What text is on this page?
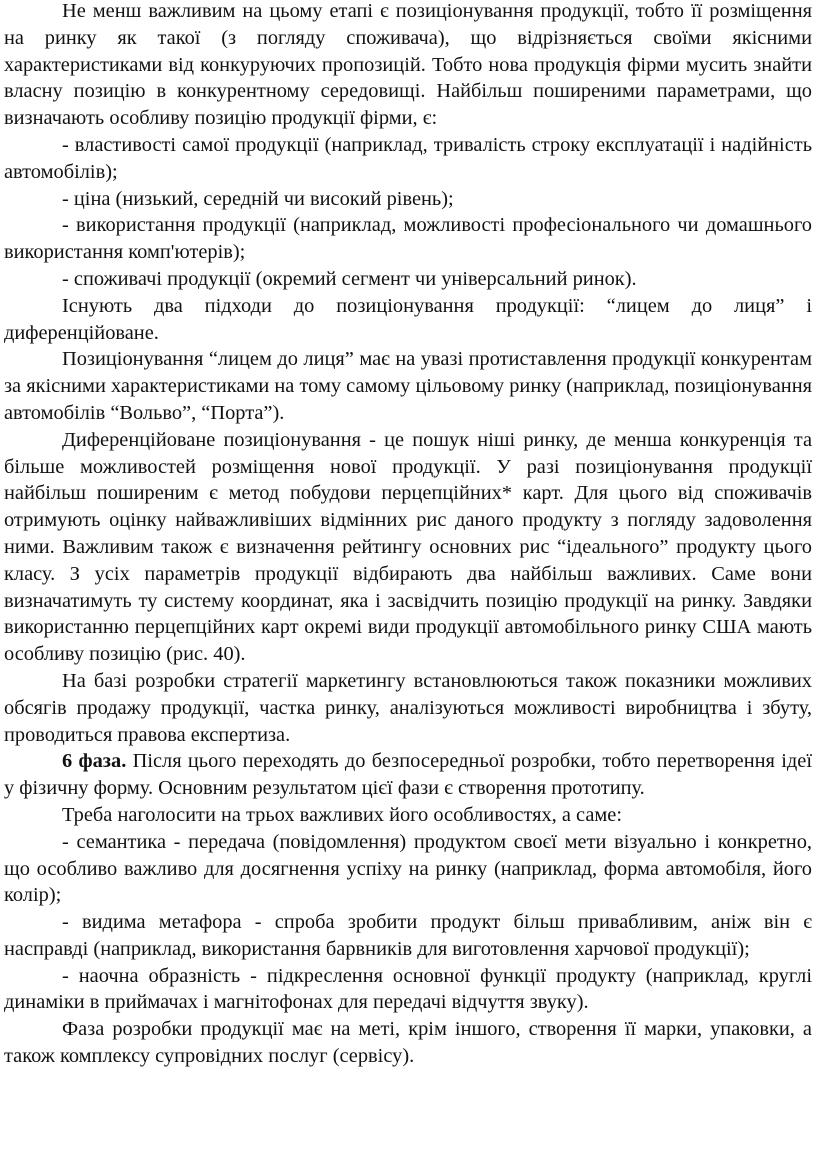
Не менш важливим на цьому етапі є позиціонування продукції, тобто її розміщення на ринку як такої (з погляду споживача), що відрізняється своїми якісними характеристиками від конкуруючих пропозицій. Тобто нова продукція фірми мусить знайти власну позицію в конкурентному середовищі. Найбільш поширеними параметрами, що визначають особливу позицію продукції фірми, є:

- властивості самої продукції (наприклад, тривалість строку експлуатації і надійність автомобілів);

- ціна (низький, середній чи високий рівень);

- використання продукції (наприклад, можливості професіонального чи домашнього використання комп'ютерів);

- споживачі продукції (окремий сегмент чи універсальний ринок).

Існують два підходи до позиціонування продукції: “лицем до лиця” і диференційоване.

Позиціонування “лицем до лиця” має на увазі протиставлення продукції конкурентам за якісними характеристиками на тому самому цільовому ринку (наприклад, позиціонування автомобілів “Вольво”, “Порта”).

Диференційоване позиціонування - це пошук ніші ринку, де менша конкуренція та більше можливостей розміщення нової продукції. У разі позиціонування продукції найбільш поширеним є метод побудови перцепційних* карт. Для цього від споживачів отримують оцінку найважливіших відмінних рис даного продукту з погляду задоволення ними. Важливим також є визначення рейтингу основних рис “ідеального” продукту цього класу. З усіх параметрів продукції відбирають два найбільш важливих. Саме вони визначатимуть ту систему координат, яка і засвідчить позицію продукції на ринку. Завдяки використанню перцепційних карт окремі види продукції автомобільного ринку США мають особливу позицію (рис. 40).

На базі розробки стратегії маркетингу встановлюються також показники можливих обсягів продажу продукції, частка ринку, аналізуються можливості виробництва і збуту, проводиться правова експертиза.

6 фаза. Після цього переходять до безпосередньої розробки, тобто перетворення ідеї у фізичну форму. Основним результатом цієї фази є створення прототипу.

Треба наголосити на трьох важливих його особливостях, а саме:

- семантика - передача (повідомлення) продуктом своєї мети візуально і конкретно, що особливо важливо для досягнення успіху на ринку (наприклад, форма автомобіля, його колір);

- видима метафора - спроба зробити продукт більш привабливим, аніж він є насправді (наприклад, використання барвників для виготовлення харчової продукції);

- наочна образність - підкреслення основної функції продукту (наприклад, круглі динаміки в приймачах і магнітофонах для передачі відчуття звуку).

Фаза розробки продукції має на меті, крім іншого, створення її марки, упаковки, а також комплексу супровідних послуг (сервісу).
